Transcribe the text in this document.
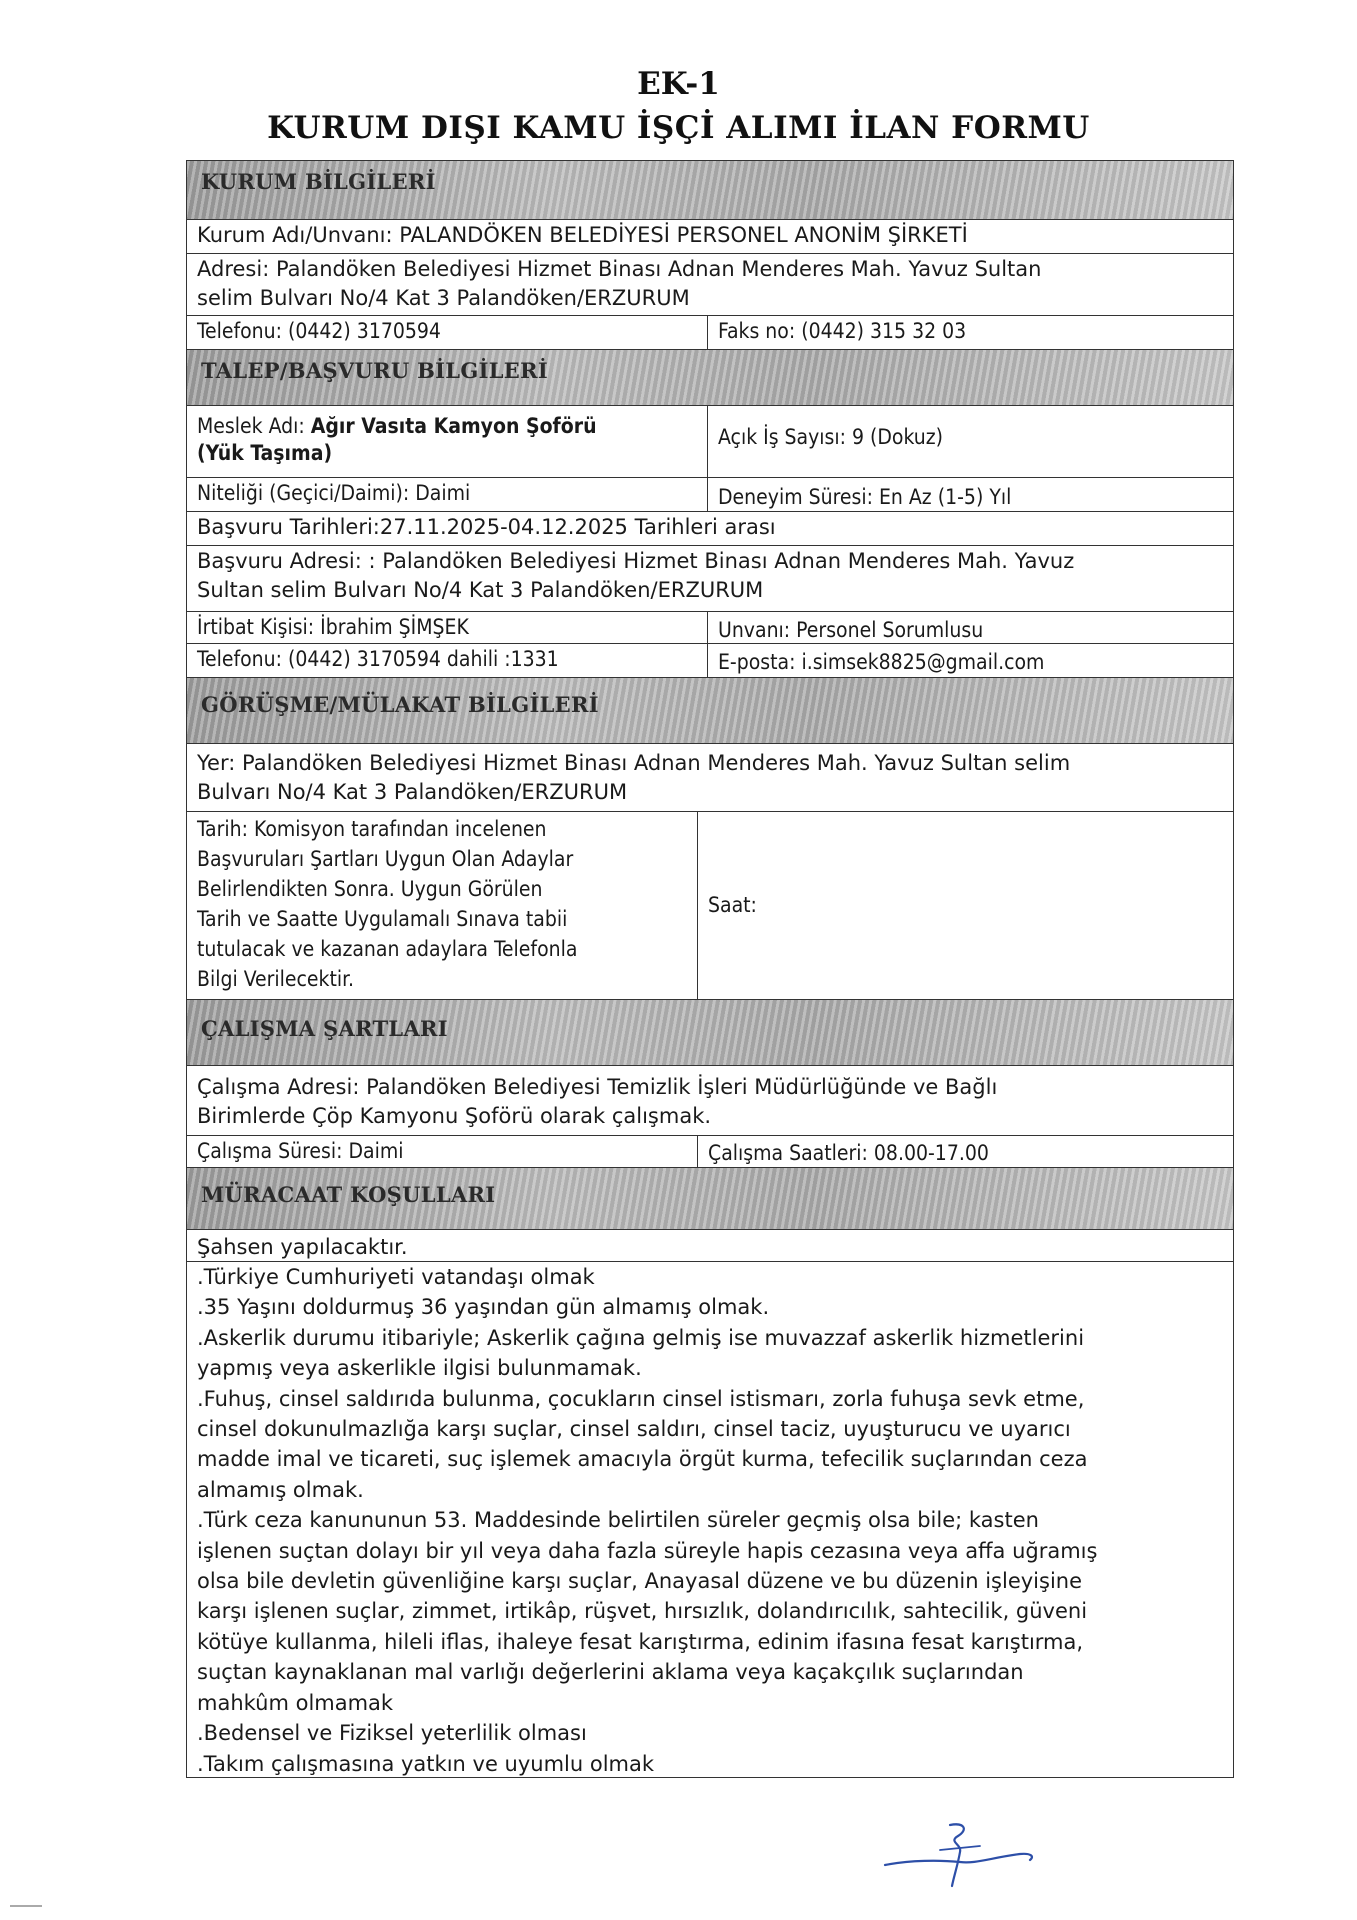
EK-1
KURUM DIŞI KAMU İŞÇİ ALIMI İLAN FORMU
KURUM BİLGİLERİ
Kurum Adı/Unvanı: PALANDÖKEN BELEDİYESİ PERSONEL ANONİM ŞİRKETİ
Adresi: Palandöken Belediyesi Hizmet Binası Adnan Menderes Mah. Yavuz Sultan
selim Bulvarı No/4 Kat 3 Palandöken/ERZURUM
Telefonu: (0442) 3170594	Faks no: (0442) 315 32 03
TALEP/BAŞVURU BİLGİLERİ
Meslek Adı: Ağır Vasıta Kamyon Şoförü
(Yük Taşıma)
Açık İş Sayısı: 9 (Dokuz)
Niteliği (Geçici/Daimi): Daimi	Deneyim Süresi: En Az (1-5) Yıl
Başvuru Tarihleri:27.11.2025-04.12.2025 Tarihleri arası
Başvuru Adresi: : Palandöken Belediyesi Hizmet Binası Adnan Menderes Mah. Yavuz
Sultan selim Bulvarı No/4 Kat 3 Palandöken/ERZURUM
İrtibat Kişisi: İbrahim ŞİMŞEK	Unvanı: Personel Sorumlusu
Telefonu: (0442) 3170594 dahili :1331	E-posta: i.simsek8825@gmail.com
GÖRÜŞME/MÜLAKAT BİLGİLERİ
Yer: Palandöken Belediyesi Hizmet Binası Adnan Menderes Mah. Yavuz Sultan selim
Bulvarı No/4 Kat 3 Palandöken/ERZURUM
Tarih: Komisyon tarafından incelenen
Başvuruları Şartları Uygun Olan Adaylar
Belirlendikten Sonra. Uygun Görülen
Tarih ve Saatte Uygulamalı Sınava tabii
tutulacak ve kazanan adaylara Telefonla
Bilgi Verilecektir.
Saat:
ÇALIŞMA ŞARTLARI
Çalışma Adresi: Palandöken Belediyesi Temizlik İşleri Müdürlüğünde ve Bağlı
Birimlerde Çöp Kamyonu Şoförü olarak çalışmak.
Çalışma Süresi: Daimi	Çalışma Saatleri: 08.00-17.00
MÜRACAAT KOŞULLARI
Şahsen yapılacaktır.
.Türkiye Cumhuriyeti vatandaşı olmak
.35 Yaşını doldurmuş 36 yaşından gün almamış olmak.
.Askerlik durumu itibariyle; Askerlik çağına gelmiş ise muvazzaf askerlik hizmetlerini
yapmış veya askerlikle ilgisi bulunmamak.
.Fuhuş, cinsel saldırıda bulunma, çocukların cinsel istismarı, zorla fuhuşa sevk etme,
cinsel dokunulmazlığa karşı suçlar, cinsel saldırı, cinsel taciz, uyuşturucu ve uyarıcı
madde imal ve ticareti, suç işlemek amacıyla örgüt kurma, tefecilik suçlarından ceza
almamış olmak.
.Türk ceza kanununun 53. Maddesinde belirtilen süreler geçmiş olsa bile; kasten
işlenen suçtan dolayı bir yıl veya daha fazla süreyle hapis cezasına veya affa uğramış
olsa bile devletin güvenliğine karşı suçlar, Anayasal düzene ve bu düzenin işleyişine
karşı işlenen suçlar, zimmet, irtikâp, rüşvet, hırsızlık, dolandırıcılık, sahtecilik, güveni
kötüye kullanma, hileli iflas, ihaleye fesat karıştırma, edinim ifasına fesat karıştırma,
suçtan kaynaklanan mal varlığı değerlerini aklama veya kaçakçılık suçlarından
mahkûm olmamak
.Bedensel ve Fiziksel yeterlilik olması
.Takım çalışmasına yatkın ve uyumlu olmak
